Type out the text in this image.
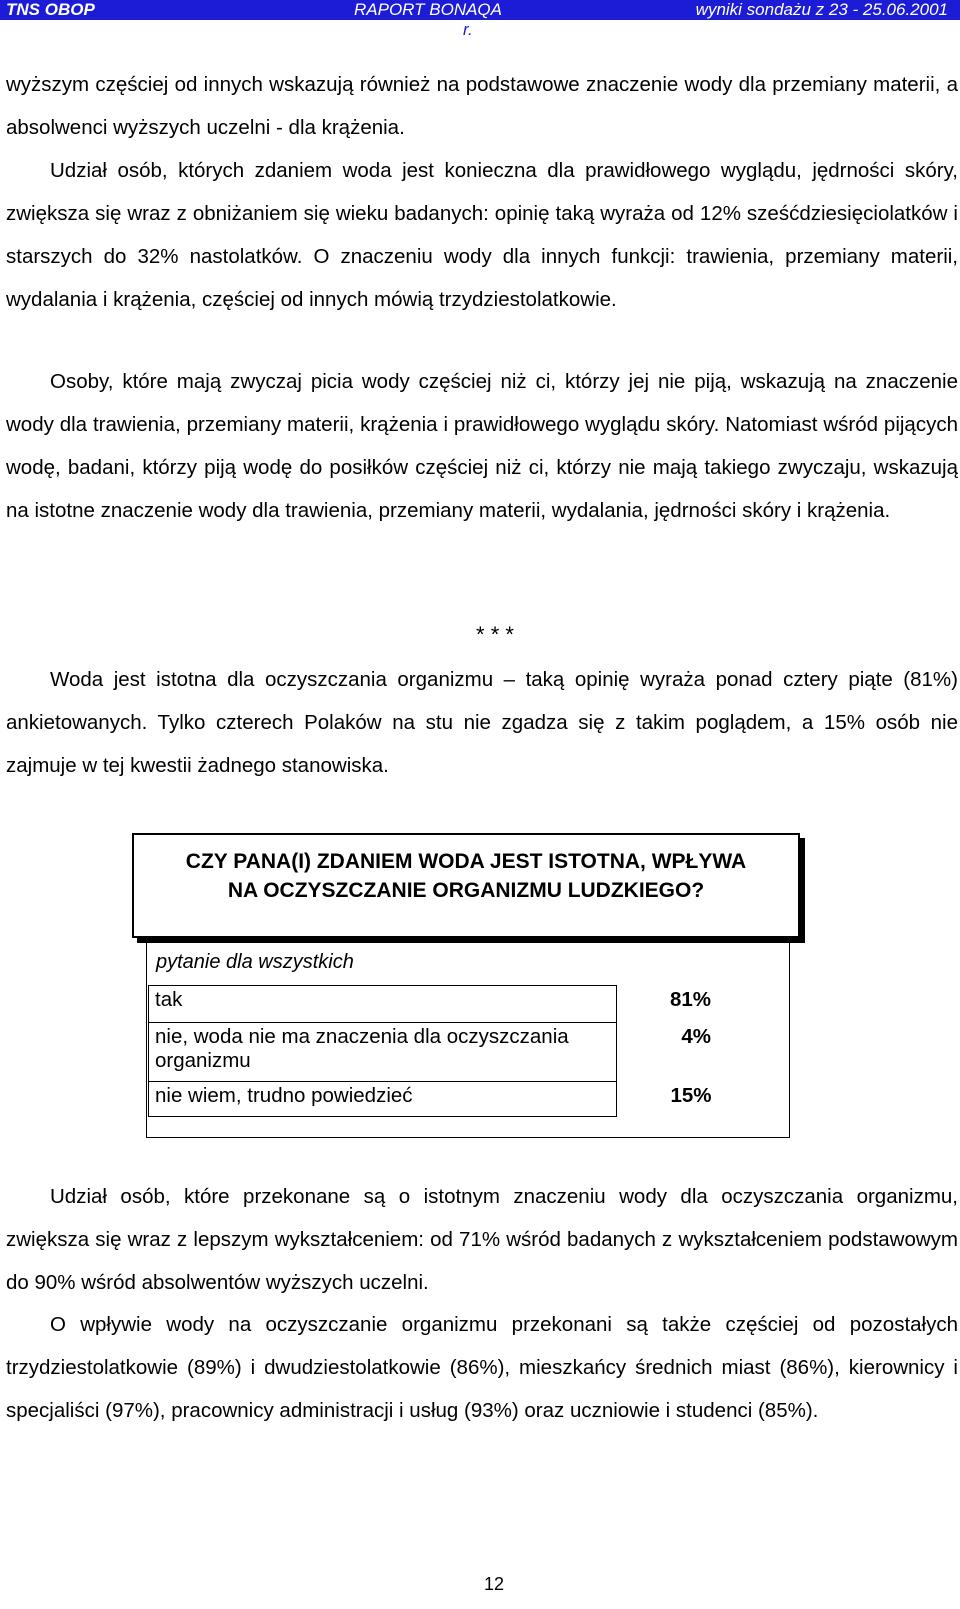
TNS OBOP	RAPORT BONAQA	wyniki sondażu z 23 - 25.06.2001
r.
wyższym częściej od innych wskazują również na podstawowe znaczenie wody dla przemiany materii, a absolwenci wyższych uczelni - dla krążenia.
Udział osób, których zdaniem woda jest konieczna dla prawidłowego wyglądu, jędrności skóry, zwiększa się wraz z obniżaniem się wieku badanych: opinię taką wyraża od 12% sześćdziesięciolatków i starszych do 32% nastolatków. O znaczeniu wody dla innych funkcji: trawienia, przemiany materii, wydalania i krążenia, częściej od innych mówią trzydziestolatkowie.
Osoby, które mają zwyczaj picia wody częściej niż ci, którzy jej nie piją, wskazują na znaczenie wody dla trawienia, przemiany materii, krążenia i prawidłowego wyglądu skóry. Natomiast wśród pijących wodę, badani, którzy piją wodę do posiłków częściej niż ci, którzy nie mają takiego zwyczaju, wskazują na istotne znaczenie wody dla trawienia, przemiany materii, wydalania, jędrności skóry i krążenia.
* * *
Woda jest istotna dla oczyszczania organizmu – taką opinię wyraża ponad cztery piąte (81%) ankietowanych. Tylko czterech Polaków na stu nie zgadza się z takim poglądem, a 15% osób nie zajmuje w tej kwestii żadnego stanowiska.
CZY PANA(I) ZDANIEM WODA JEST ISTOTNA, WPŁYWA NA OCZYSZCZANIE ORGANIZMU LUDZKIEGO?
pytanie dla wszystkich
tak	81%
nie, woda nie ma znaczenia dla oczyszczania organizmu	4%
nie wiem, trudno powiedzieć	15%
Udział osób, które przekonane są o istotnym znaczeniu wody dla oczyszczania organizmu, zwiększa się wraz z lepszym wykształceniem: od 71% wśród badanych z wykształceniem podstawowym do 90% wśród absolwentów wyższych uczelni.
O wpływie wody na oczyszczanie organizmu przekonani są także częściej od pozostałych trzydziestolatkowie (89%) i dwudziestolatkowie (86%), mieszkańcy średnich miast (86%), kierownicy i specjaliści (97%), pracownicy administracji i usług (93%) oraz uczniowie i studenci (85%).
12
